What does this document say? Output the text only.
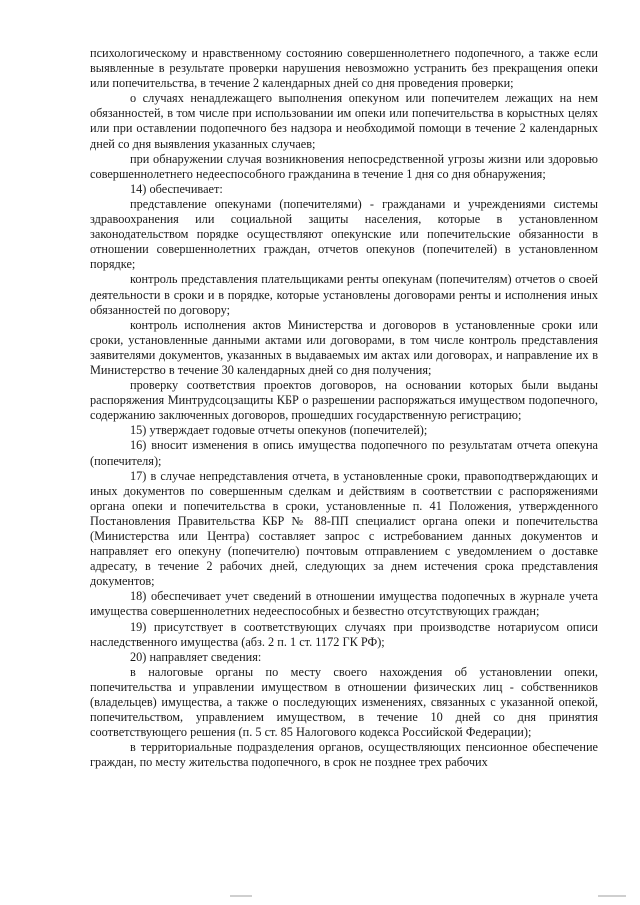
психологическому и нравственному состоянию совершеннолетнего подопечного, а также если выявленные в результате проверки нарушения невозможно устранить без прекращения опеки или попечительства, в течение 2 календарных дней со дня проведения проверки;

о случаях ненадлежащего выполнения опекуном или попечителем лежащих на нем обязанностей, в том числе при использовании им опеки или попечительства в корыстных целях или при оставлении подопечного без надзора и необходимой помощи в течение 2 календарных дней со дня выявления указанных случаев;

при обнаружении случая возникновения непосредственной угрозы жизни или здоровью совершеннолетнего недееспособного гражданина в течение 1 дня со дня обнаружения;

14) обеспечивает:

представление опекунами (попечителями) - гражданами и учреждениями системы здравоохранения или социальной защиты населения, которые в установленном законодательством порядке осуществляют опекунские или попечительские обязанности в отношении совершеннолетних граждан, отчетов опекунов (попечителей) в установленном порядке;

контроль представления плательщиками ренты опекунам (попечителям) отчетов о своей деятельности в сроки и в порядке, которые установлены договорами ренты и исполнения иных обязанностей по договору;

контроль исполнения актов Министерства и договоров в установленные сроки или сроки, установленные данными актами или договорами, в том числе контроль представления заявителями документов, указанных в выдаваемых им актах или договорах, и направление их в Министерство в течение 30 календарных дней со дня получения;

проверку соответствия проектов договоров, на основании которых были выданы распоряжения Минтрудсоцзащиты КБР о разрешении распоряжаться имуществом подопечного, содержанию заключенных договоров, прошедших государственную регистрацию;

15) утверждает годовые отчеты опекунов (попечителей);

16) вносит изменения в опись имущества подопечного по результатам отчета опекуна (попечителя);

17) в случае непредставления отчета, в установленные сроки, правоподтверждающих и иных документов по совершенным сделкам и действиям в соответствии с распоряжениями органа опеки и попечительства в сроки, установленные п. 41 Положения, утвержденного Постановления Правительства КБР № 88-ПП специалист органа опеки и попечительства (Министерства или Центра) составляет запрос с истребованием данных документов и направляет его опекуну (попечителю) почтовым отправлением с уведомлением о доставке адресату, в течение 2 рабочих дней, следующих за днем истечения срока представления документов;

18) обеспечивает учет сведений в отношении имущества подопечных в журнале учета имущества совершеннолетних недееспособных и безвестно отсутствующих граждан;

19) присутствует в соответствующих случаях при производстве нотариусом описи наследственного имущества (абз. 2 п. 1 ст. 1172 ГК РФ);

20) направляет сведения:

в налоговые органы по месту своего нахождения об установлении опеки, попечительства и управлении имуществом в отношении физических лиц - собственников (владельцев) имущества, а также о последующих изменениях, связанных с указанной опекой, попечительством, управлением имуществом, в течение 10 дней со дня принятия соответствующего решения (п. 5 ст. 85 Налогового кодекса Российской Федерации);

в территориальные подразделения органов, осуществляющих пенсионное обеспечение граждан, по месту жительства подопечного, в срок не позднее трех рабочих
